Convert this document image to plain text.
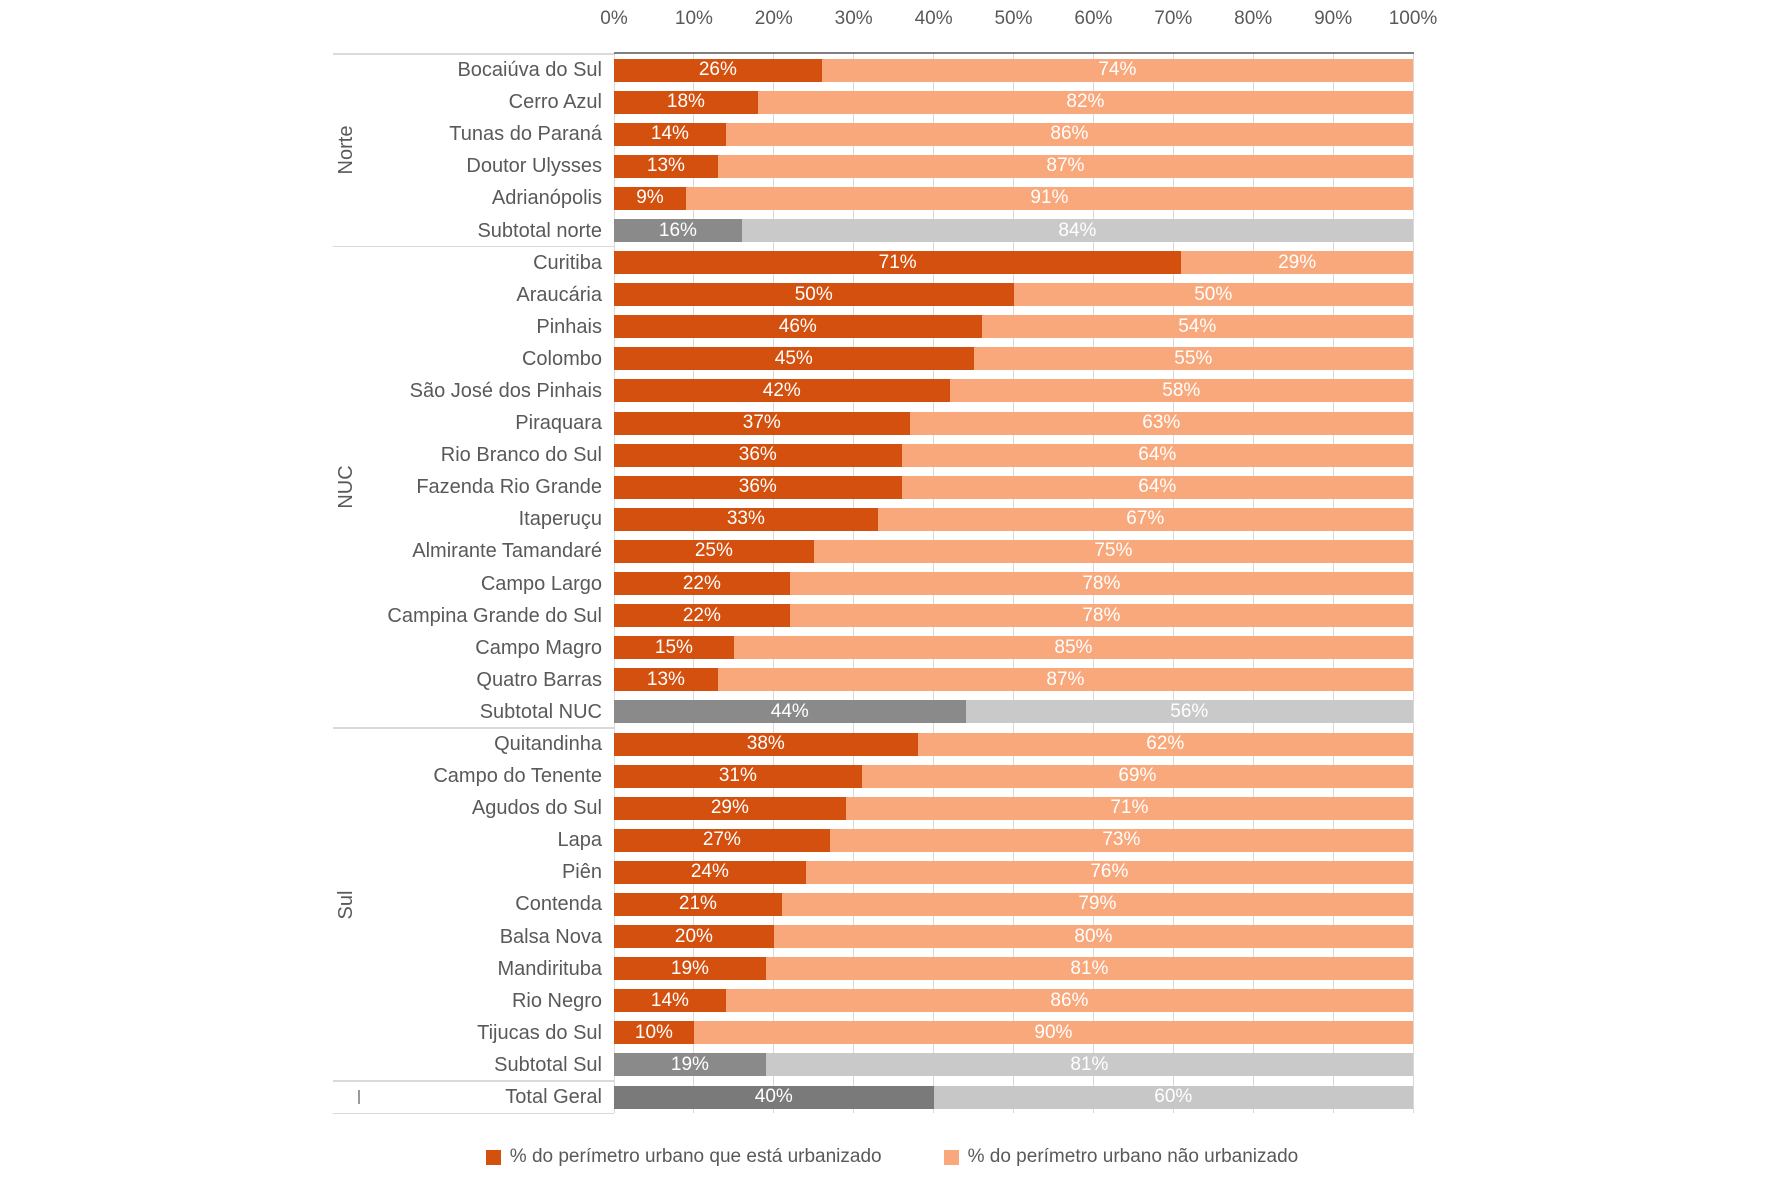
0% 10% 20% 30% 40% 50% 60% 70% 80% 90% 100%
Bocaiúva do Sul	26%	74%
Cerro Azul	18%	82%
Tunas do Paraná	14%	86%
Doutor Ulysses 13%	87%
Adrianópolis 9%	91%
Subtotal norte	16%	84%
Curitiba	71%	29%
Araucária	50%	50%
Pinhais	46%	54%
Colombo	45%	55%
São José dos Pinhais	42%	58%
Piraquara	37%	63%
Rio Branco do Sul	36%	64%
Fazenda Rio Grande	36%	64%
Itaperuçu	33%	67%
Almirante Tamandaré	25%	75%
Campo Largo	22%	78%
Campina Grande do Sul	22%	78%
Campo Magro	15%	85%
Quatro Barras 13%	87%
Subtotal NUC	44%	56%
Quitandinha	38%	62%
Campo do Tenente	31%	69%
Agudos do Sul	29%	71%
Lapa	27%	73%
Piên	24%	76%
Contenda	21%	79%
Balsa Nova	20%	80%
Mandirituba	19%	81%
Rio Negro	14%	86%
Tijucas do Sul 10%	90%
Subtotal Sul	19%	81%
Total Geral	40%	60%
Norte
NUC
Sul
% do perímetro urbano que está urbanizado	% do perímetro urbano não urbanizado
